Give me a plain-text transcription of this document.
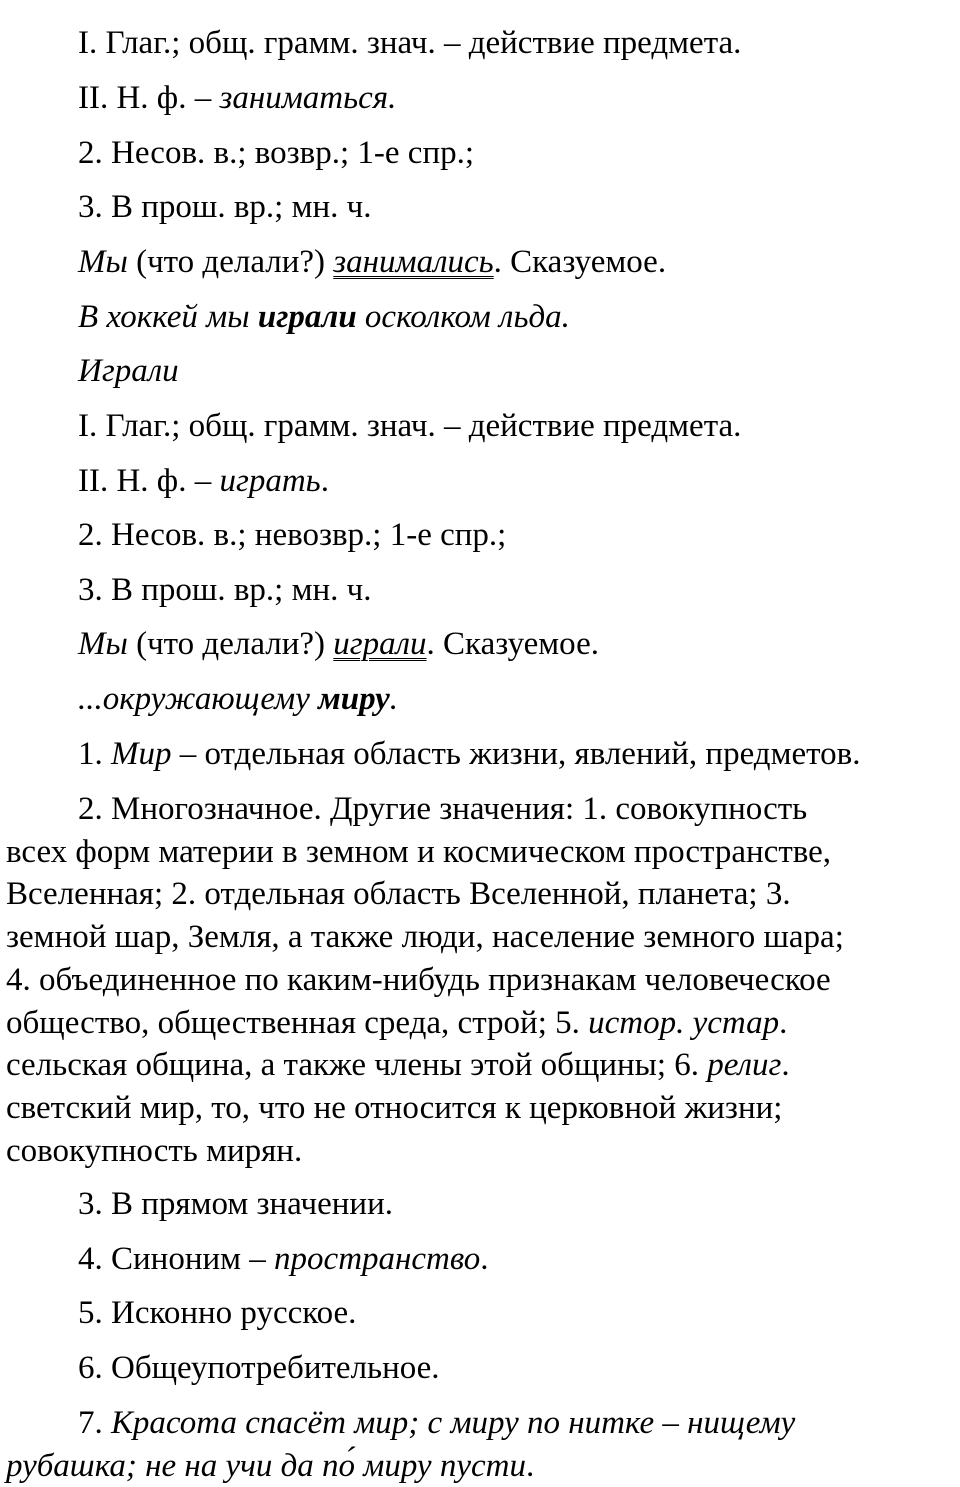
I. Глаг.; общ. грамм. знач. – действие предмета.
II. Н. ф. – заниматься.
2. Несов. в.; возвр.; 1-е спр.;
3. В прош. вр.; мн. ч.
Мы (что делали?) занимались. Сказуемое.
В хоккей мы играли осколком льда.
Играли
I. Глаг.; общ. грамм. знач. – действие предмета.
II. Н. ф. – играть.
2. Несов. в.; невозвр.; 1-е спр.;
3. В прош. вр.; мн. ч.
Мы (что делали?) играли. Сказуемое.
...окружающему миру.
1. Мир – отдельная область жизни, явлений, предметов.
2. Многозначное. Другие значения: 1. совокупность
всех форм материи в земном и космическом пространстве,
Вселенная; 2. отдельная область Вселенной, планета; 3.
земной шар, Земля, а также люди, население земного шара;
4. объединенное по каким-нибудь признакам человеческое
общество, общественная среда, строй; 5. истор. устар.
сельская община, а также члены этой общины; 6. религ.
светский мир, то, что не относится к церковной жизни;
совокупность мирян.
3. В прямом значении.
4. Синоним – пространство.
5. Исконно русское.
6. Общеупотребительное.
7. Красота спасёт мир; с миру по нитке – нищему
рубашка; не на учи да по́ миру пусти.
